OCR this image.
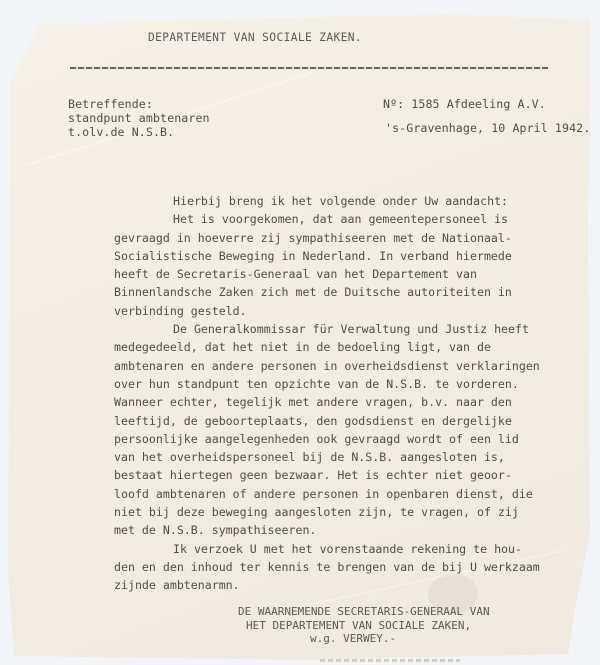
DEPARTEMENT VAN SOCIALE ZAKEN.
Betreffende:
standpunt ambtenaren
t.olv.de N.S.B.
Nº: 1585 Afdeeling A.V.
's-Gravenhage, 10 April 1942.
Hierbij breng ik het volgende onder Uw aandacht:
Het is voorgekomen, dat aan gemeentepersoneel is
gevraagd in hoeverre zij sympathiseeren met de Nationaal-
Socialistische Beweging in Nederland. In verband hiermede
heeft de Secretaris-Generaal van het Departement van
Binnenlandsche Zaken zich met de Duitsche autoriteiten in
verbinding gesteld.
De Generalkommissar für Verwaltung und Justiz heeft
medegedeeld, dat het niet in de bedoeling ligt, van de
ambtenaren en andere personen in overheidsdienst verklaringen
over hun standpunt ten opzichte van de N.S.B. te vorderen.
Wanneer echter, tegelijk met andere vragen, b.v. naar den
leeftijd, de geboorteplaats, den godsdienst en dergelijke
persoonlijke aangelegenheden ook gevraagd wordt of een lid
van het overheidspersoneel bij de N.S.B. aangesloten is,
bestaat hiertegen geen bezwaar. Het is echter niet geoor-
loofd ambtenaren of andere personen in openbaren dienst, die
niet bij deze beweging aangesloten zijn, te vragen, of zij
met de N.S.B. sympathiseeren.
Ik verzoek U met het vorenstaande rekening te hou-
den en den inhoud ter kennis te brengen van de bij U werkzaam
zijnde ambtenarmn.
DE WAARNEMENDE SECRETARIS-GENERAAL VAN
HET DEPARTEMENT VAN SOCIALE ZAKEN,
w.g. VERWEY.-
